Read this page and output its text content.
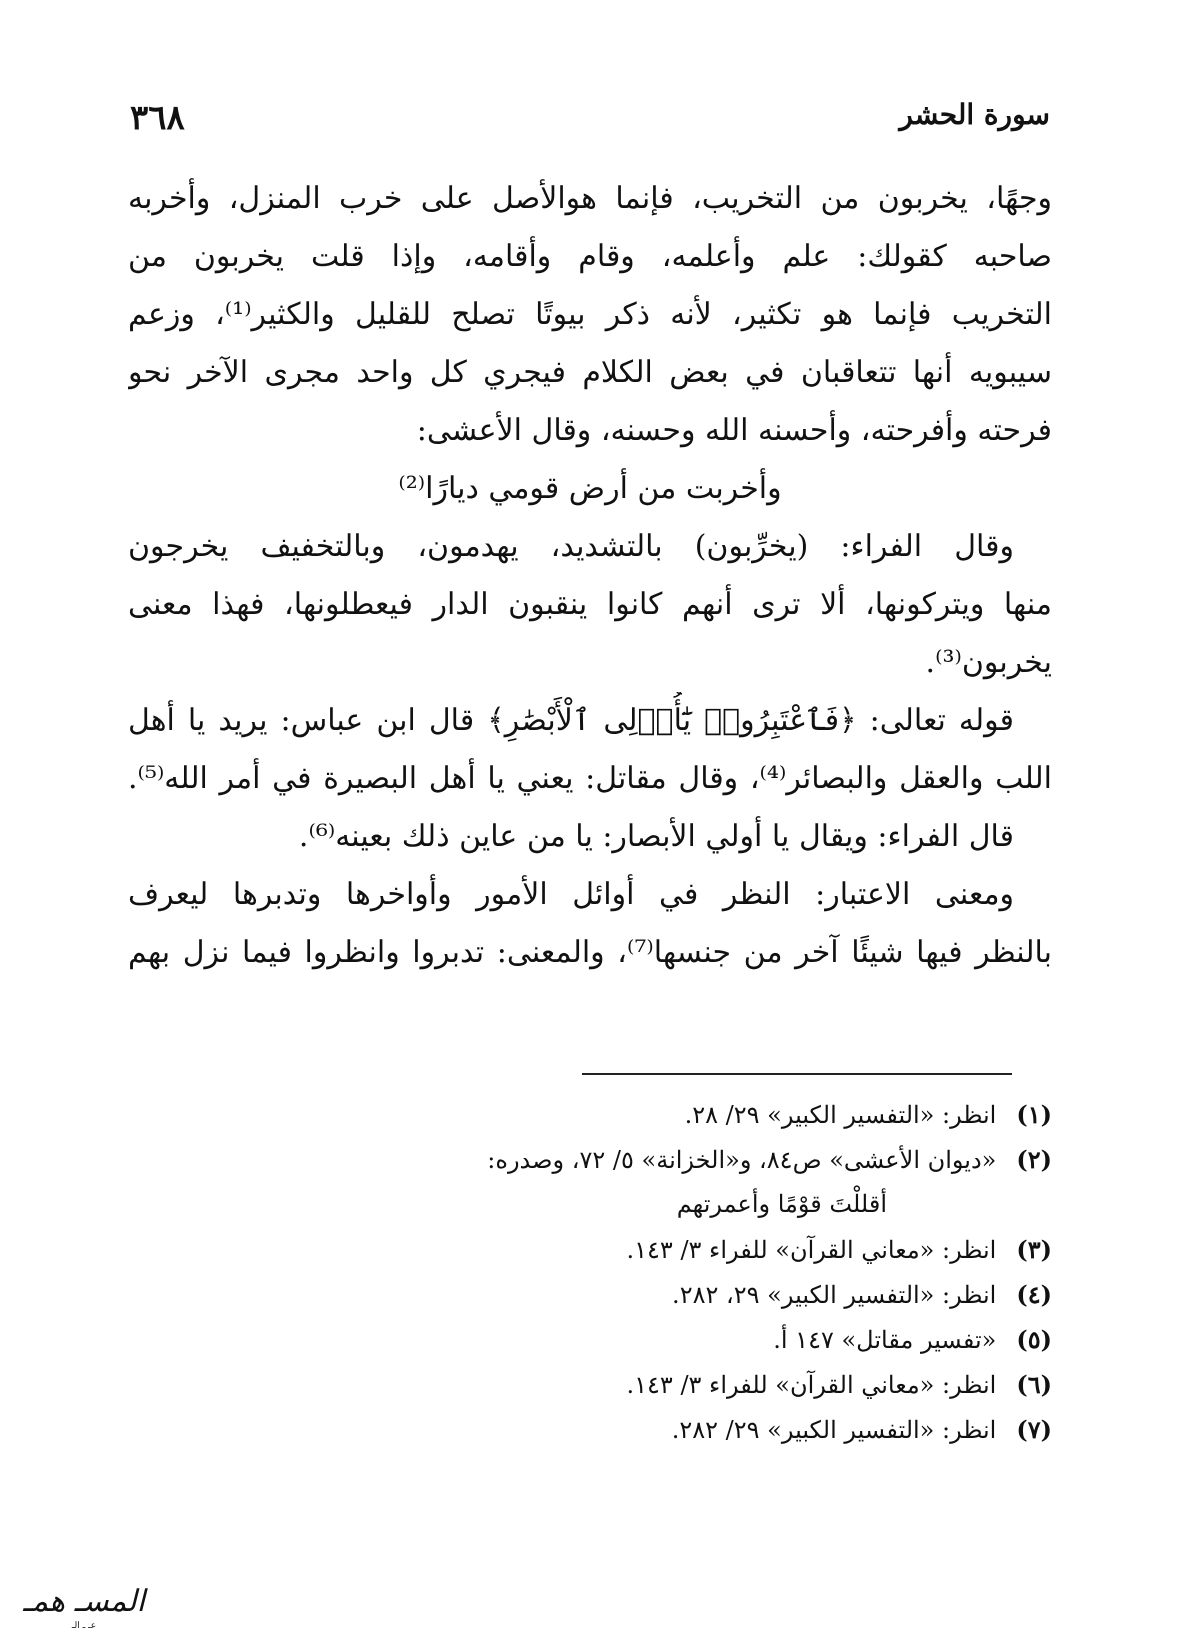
سورة الحشر
٣٦٨
وجهًا، يخربون من التخريب، فإنما هوالأصل على خرب المنزل، وأخربه
صاحبه كقولك: علم وأعلمه، وقام وأقامه، وإذا قلت يخربون من
التخريب فإنما هو تكثير، لأنه ذكر بيوتًا تصلح للقليل والكثير⁽¹⁾، وزعم
سيبويه أنها تتعاقبان في بعض الكلام فيجري كل واحد مجرى الآخر نحو
فرحته وأفرحته، وأحسنه الله وحسنه، وقال الأعشى:
وأخربت من أرض قومي ديارًا⁽²⁾
وقال الفراء: (يخرِّبون) بالتشديد، يهدمون، وبالتخفيف يخرجون
منها ويتركونها، ألا ترى أنهم كانوا ينقبون الدار فيعطلونها، فهذا معنى
يخربون⁽³⁾.
قوله تعالى: ﴿فَٱعْتَبِرُوا۟ يَٰٓأُو۟لِى ٱلْأَبْصَٰرِ﴾ قال ابن عباس: يريد يا أهل
اللب والعقل والبصائر⁽⁴⁾، وقال مقاتل: يعني يا أهل البصيرة في أمر الله⁽⁵⁾.
قال الفراء: ويقال يا أولي الأبصار: يا من عاين ذلك بعينه⁽⁶⁾.
ومعنى الاعتبار: النظر في أوائل الأمور وأواخرها وتدبرها ليعرف
بالنظر فيها شيئًا آخر من جنسها⁽⁷⁾، والمعنى: تدبروا وانظروا فيما نزل بهم
(١) انظر: «التفسير الكبير» ٢٩/ ٢٨.
(٢) «ديوان الأعشى» ص٨٤، و«الخزانة» ٥/ ٧٢، وصدره:
أقللْتَ قوْمًا وأعمرتهم
(٣) انظر: «معاني القرآن» للفراء ٣/ ١٤٣.
(٤) انظر: «التفسير الكبير» ٢٩، ٢٨٢.
(٥) «تفسير مقاتل» ١٤٧ أ.
(٦) انظر: «معاني القرآن» للفراء ٣/ ١٤٣.
(٧) انظر: «التفسير الكبير» ٢٩/ ٢٨٢.
المسـ همـ
عـ ـ الـ
